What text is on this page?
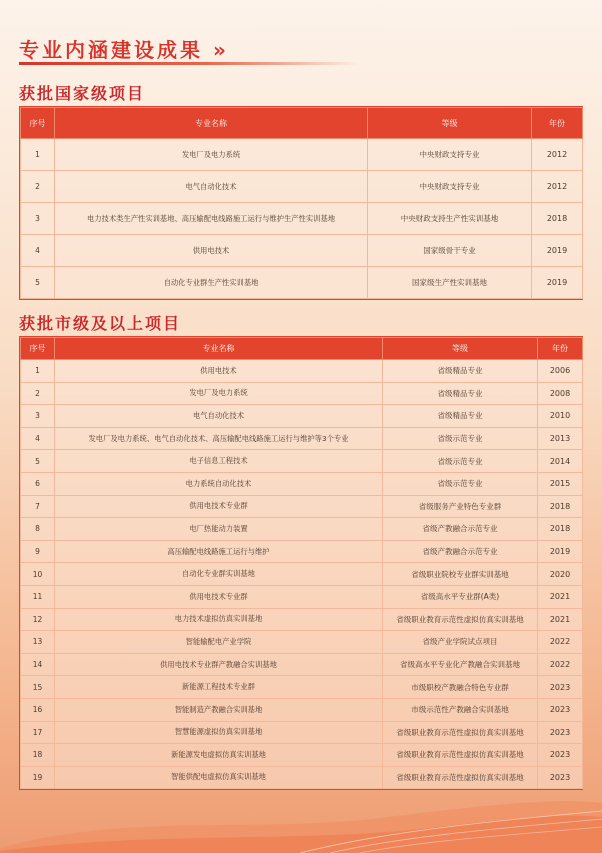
专业内涵建设成果 »
获批国家级项目
序号	专业名称	等级	年份
1	发电厂及电力系统	中央财政支持专业	2012
2	电气自动化技术	中央财政支持专业	2012
3	电力技术类生产性实训基地、高压输配电线路施工运行与维护生产性实训基地	中央财政支持生产性实训基地	2018
4	供用电技术	国家级骨干专业	2019
5	自动化专业群生产性实训基地	国家级生产性实训基地	2019
获批市级及以上项目
序号	专业名称	等级	年份
1	供用电技术	省级精品专业	2006
2	发电厂及电力系统	省级精品专业	2008
3	电气自动化技术	省级精品专业	2010
4	发电厂及电力系统、电气自动化技术、高压输配电线路施工运行与维护等3个专业	省级示范专业	2013
5	电子信息工程技术	省级示范专业	2014
6	电力系统自动化技术	省级示范专业	2015
7	供用电技术专业群	省级服务产业特色专业群	2018
8	电厂热能动力装置	省级产教融合示范专业	2018
9	高压输配电线路施工运行与维护	省级产教融合示范专业	2019
10	自动化专业群实训基地	省级职业院校专业群实训基地	2020
11	供用电技术专业群	省级高水平专业群(A类)	2021
12	电力技术虚拟仿真实训基地	省级职业教育示范性虚拟仿真实训基地	2021
13	智能输配电产业学院	省级产业学院试点项目	2022
14	供用电技术专业群产教融合实训基地	省级高水平专业化产教融合实训基地	2022
15	新能源工程技术专业群	市级职校产教融合特色专业群	2023
16	智能制造产教融合实训基地	市级示范性产教融合实训基地	2023
17	智慧能源虚拟仿真实训基地	省级职业教育示范性虚拟仿真实训基地	2023
18	新能源发电虚拟仿真实训基地	省级职业教育示范性虚拟仿真实训基地	2023
19	智能供配电虚拟仿真实训基地	省级职业教育示范性虚拟仿真实训基地	2023
